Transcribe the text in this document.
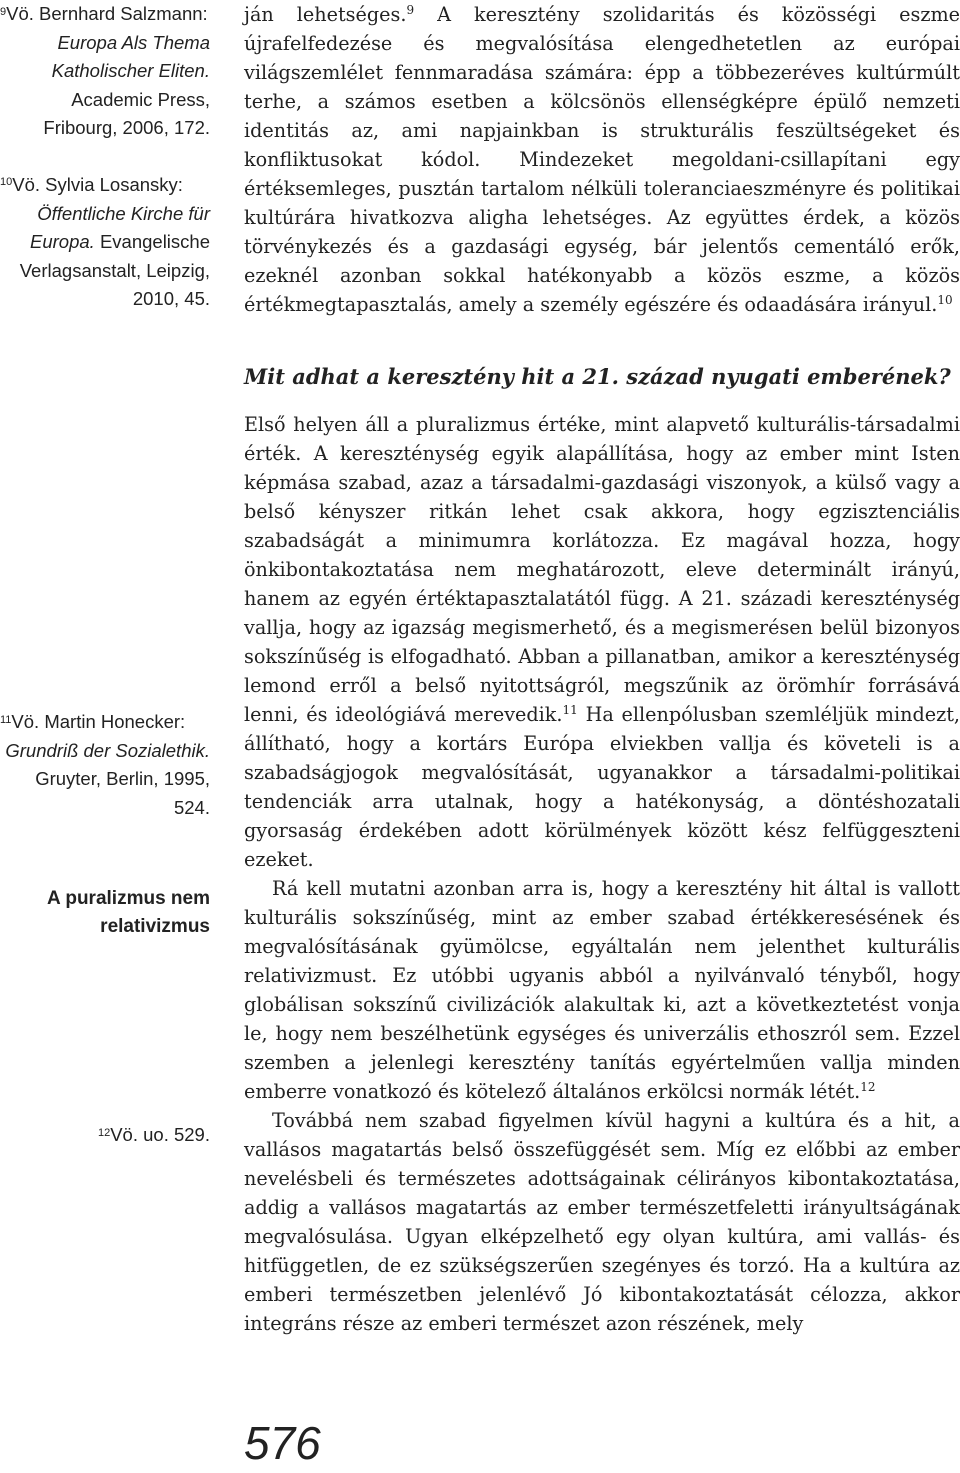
$^9$Vö. Bernhard Salzmann:
Europa Als Thema
Katholischer Eliten.
Academic Press,
Fribourg, 2006, 172.
$^{10}$Vö. Sylvia Losansky:
Öffentliche Kirche für
Europa. Evangelische
Verlagsanstalt, Leipzig,
2010, 45.
$^{11}$Vö. Martin Honecker:
Grundriß der Sozialethik.
Gruyter, Berlin, 1995, 524.
A puralizmus nem
relativizmus
$^{12}$Vö. uo. 529.

ján lehetséges.$^9$ A keresztény szolidaritás és közösségi eszme újrafelfedezése és megvalósítása elengedhetetlen az európai világszemlélet fennmaradása számára: épp a többezeréves kultúrmúlt terhe, a számos esetben a kölcsönös ellenségképre épülő nemzeti identitás az, ami napjainkban is strukturális feszültségeket és konfliktusokat kódol. Mindezeket megoldani-csillapítani egy értéksemleges, pusztán tartalom nélküli toleranciaeszményre és politikai kultúrára hivatkozva aligha lehetséges. Az együttes érdek, a közös törvénykezés és a gazdasági egység, bár jelentős cementáló erők, ezeknél azonban sokkal hatékonyabb a közös eszme, a közös értékmegtapasztalás, amely a személy egészére és odaadására irányul.$^{10}$

Mit adhat a keresztény hit a 21. század nyugati emberének?

Első helyen áll a pluralizmus értéke, mint alapvető kulturális-társadalmi érték. A kereszténység egyik alapállítása, hogy az ember mint Isten képmása szabad, azaz a társadalmi-gazdasági viszonyok, a külső vagy a belső kényszer ritkán lehet csak akkora, hogy egzisztenciális szabadságát a minimumra korlátozza. Ez magával hozza, hogy önkibontakoztatása nem meghatározott, eleve determinált irányú, hanem az egyén értéktapasztalatától függ. A 21. századi kereszténység vallja, hogy az igazság megismerhető, és a megismerésen belül bizonyos sokszínűség is elfogadható. Abban a pillanatban, amikor a kereszténység lemond erről a belső nyitottságról, megszűnik az örömhír forrásává lenni, és ideológiává merevedik.$^{11}$ Ha ellenpólusban szemléljük mindezt, állítható, hogy a kortárs Európa elviekben vallja és követeli is a szabadságjogok megvalósítását, ugyanakkor a társadalmi-politikai tendenciák arra utalnak, hogy a hatékonyság, a döntéshozatali gyorsaság érdekében adott körülmények között kész felfüggeszteni ezeket.

Rá kell mutatni azonban arra is, hogy a keresztény hit által is vallott kulturális sokszínűség, mint az ember szabad értékkeresésének és megvalósításának gyümölcse, egyáltalán nem jelenthet kulturális relativizmust. Ez utóbbi ugyanis abból a nyilvánvaló tényből, hogy globálisan sokszínű civilizációk alakultak ki, azt a következtetést vonja le, hogy nem beszélhetünk egységes és univerzális ethoszról sem. Ezzel szemben a jelenlegi keresztény tanítás egyértelműen vallja minden emberre vonatkozó és kötelező általános erkölcsi normák létét.$^{12}$

Továbbá nem szabad figyelmen kívül hagyni a kultúra és a hit, a vallásos magatartás belső összefüggését sem. Míg ez előbbi az ember nevelésbeli és természetes adottságainak célirányos kibontakoztatása, addig a vallásos magatartás az ember természetfeletti irányultságának megvalósulása. Ugyan elképzelhető egy olyan kultúra, ami vallás- és hitfüggetlen, de ez szükségszerűen szegényes és torzó. Ha a kultúra az emberi természetben jelenlévő Jó kibontakoztatását célozza, akkor integráns része az emberi természet azon részének, mely

576
